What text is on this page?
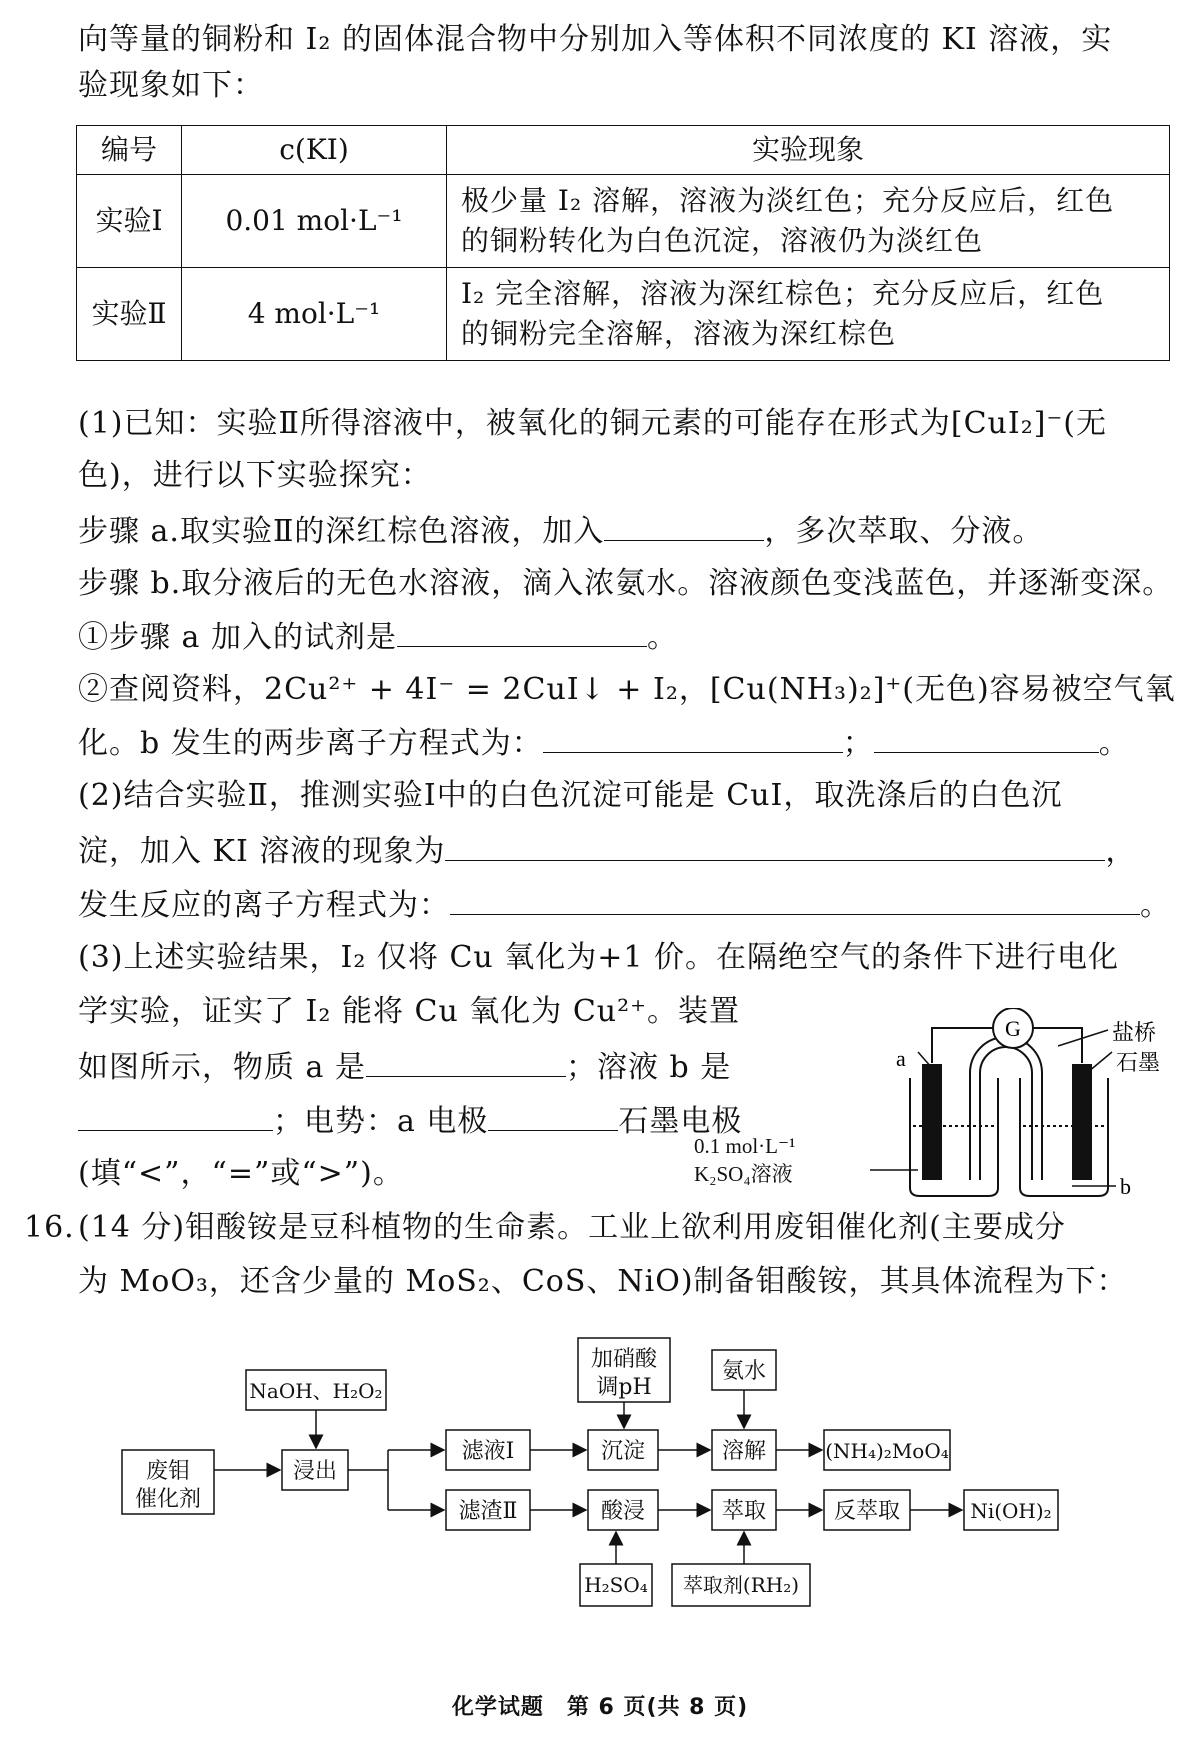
向等量的铜粉和 I₂ 的固体混合物中分别加入等体积不同浓度的 KI 溶液，实
验现象如下：
编号	c(KI)	实验现象
实验Ⅰ	0.01 mol·L⁻¹	极少量 I₂ 溶解，溶液为淡红色；充分反应后，红色
的铜粉转化为白色沉淀，溶液仍为淡红色

实验Ⅱ	4 mol·L⁻¹	I₂ 完全溶解，溶液为深红棕色；充分反应后，红色
的铜粉完全溶解，溶液为深红棕色
(1)已知：实验Ⅱ所得溶液中，被氧化的铜元素的可能存在形式为[CuI₂]⁻(无
色)，进行以下实验探究：
步骤 a.取实验Ⅱ的深红棕色溶液，加入	，多次萃取、分液。
步骤 b.取分液后的无色水溶液，滴入浓氨水。溶液颜色变浅蓝色，并逐渐变深。
①步骤 a 加入的试剂是	。
②查阅资料，2Cu²⁺ + 4I⁻ = 2CuI↓ + I₂，[Cu(NH₃)₂]⁺(无色)容易被空气氧
化。b 发生的两步离子方程式为：	；	。
(2)结合实验Ⅱ，推测实验Ⅰ中的白色沉淀可能是 CuI，取洗涤后的白色沉
淀，加入 KI 溶液的现象为	，
发生反应的离子方程式为：	。
(3)上述实验结果，I₂ 仅将 Cu 氧化为+1 价。在隔绝空气的条件下进行电化
学实验，证实了 I₂ 能将 Cu 氧化为 Cu²⁺。装置
如图所示，物质 a 是	；溶液 b 是
；电势：a 电极	石墨电极
(填“<”，“=”或“>”)。
G	盐桥
石墨
a
b
0.1 mol·L⁻¹
K₂SO₄溶液
16. (14 分)钼酸铵是豆科植物的生命素。工业上欲利用废钼催化剂(主要成分
为 MoO₃，还含少量的 MoS₂、CoS、NiO)制备钼酸铵，其具体流程为下：
废钼
催化剂
NaOH、H₂O₂
浸出
滤液Ⅰ
滤渣Ⅱ
加硝酸
调pH
沉淀
氨水
溶解	(NH₄)₂MoO₄
酸浸
H₂SO₄
萃取
萃取剂(RH₂)
反萃取	Ni(OH)₂
化学试题　第 6 页(共 8 页)
